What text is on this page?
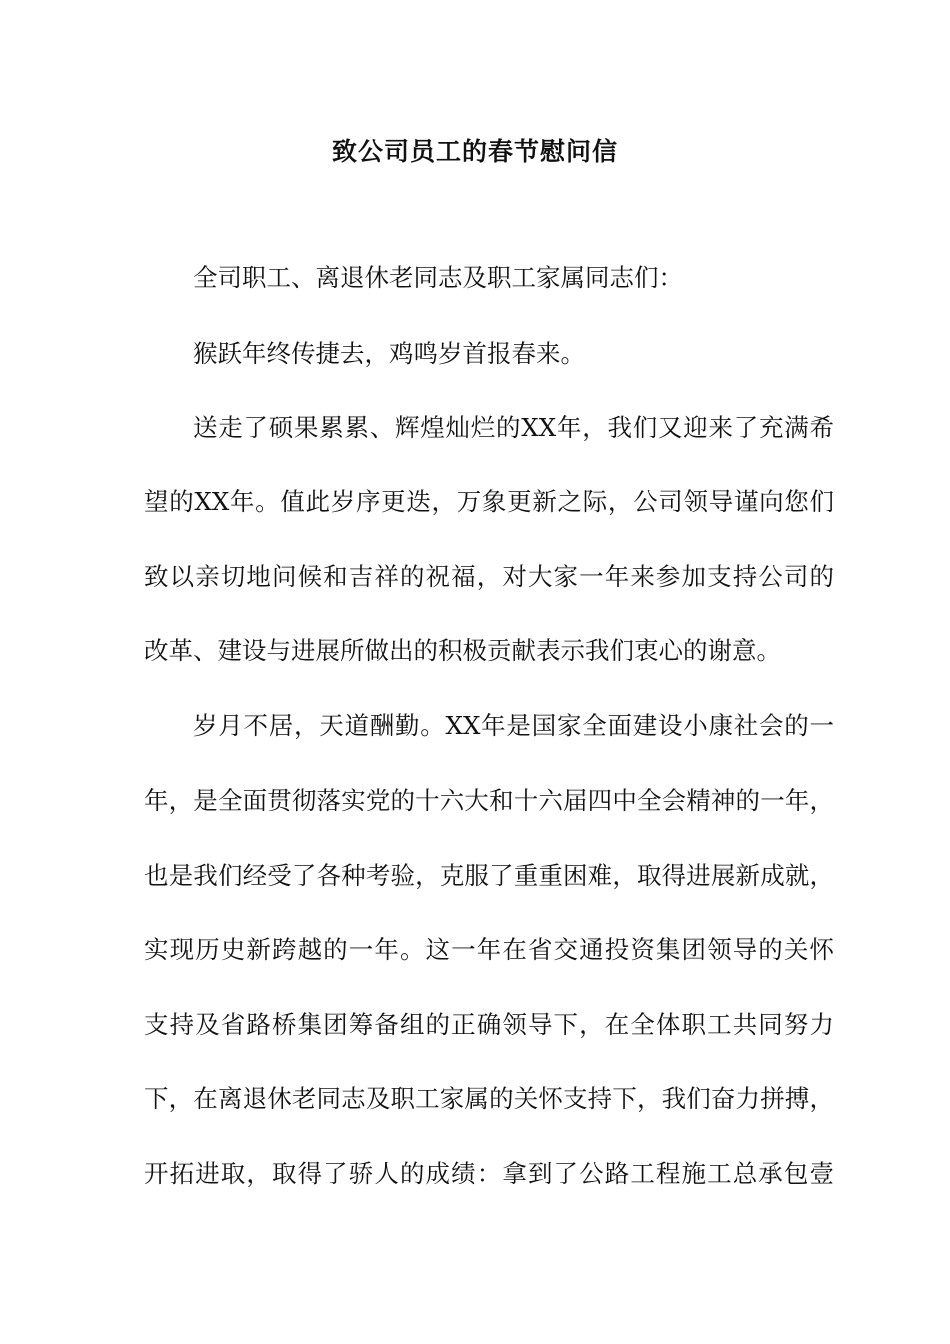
致公司员工的春节慰问信
全司职工、离退休老同志及职工家属同志们：
猴跃年终传捷去，鸡鸣岁首报春来。
送走了硕果累累、辉煌灿烂的XX年，我们又迎来了充满希
望的XX年。值此岁序更迭，万象更新之际，公司领导谨向您们
致以亲切地问候和吉祥的祝福，对大家一年来参加支持公司的
改革、建设与进展所做出的积极贡献表示我们衷心的谢意。
岁月不居，天道酬勤。XX年是国家全面建设小康社会的一
年，是全面贯彻落实党的十六大和十六届四中全会精神的一年，
也是我们经受了各种考验，克服了重重困难，取得进展新成就，
实现历史新跨越的一年。这一年在省交通投资集团领导的关怀
支持及省路桥集团筹备组的正确领导下，在全体职工共同努力
下，在离退休老同志及职工家属的关怀支持下，我们奋力拼搏，
开拓进取，取得了骄人的成绩：拿到了公路工程施工总承包壹
